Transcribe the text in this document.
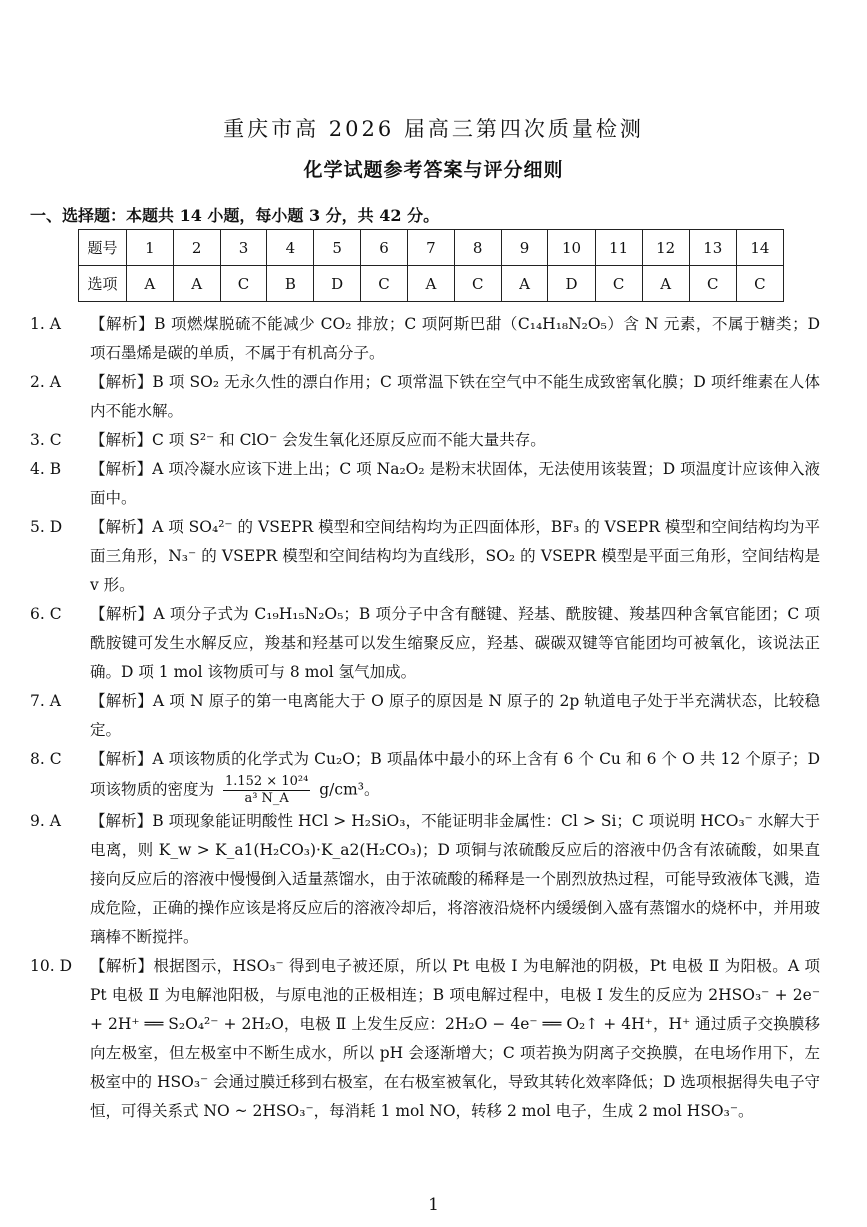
重庆市高 2026 届高三第四次质量检测
化学试题参考答案与评分细则
一、选择题：本题共 14 小题，每小题 3 分，共 42 分。
题号	1	2	3	4	5	6	7	8	9	10	11	12	13	14
选项	A	A	C	B	D	C	A	C	A	D	C	A	C	C
1. A	【解析】B 项燃煤脱硫不能减少 CO₂ 排放；C 项阿斯巴甜（C₁₄H₁₈N₂O₅）含 N 元素，不属于糖类；D 项石墨烯是碳的单质，不属于有机高分子。
2. A	【解析】B 项 SO₂ 无永久性的漂白作用；C 项常温下铁在空气中不能生成致密氧化膜；D 项纤维素在人体内不能水解。
3. C	【解析】C 项 S²⁻ 和 ClO⁻ 会发生氧化还原反应而不能大量共存。
4. B	【解析】A 项冷凝水应该下进上出；C 项 Na₂O₂ 是粉末状固体，无法使用该装置；D 项温度计应该伸入液面中。
5. D	【解析】A 项 SO₄²⁻ 的 VSEPR 模型和空间结构均为正四面体形，BF₃ 的 VSEPR 模型和空间结构均为平面三角形，N₃⁻ 的 VSEPR 模型和空间结构均为直线形，SO₂ 的 VSEPR 模型是平面三角形，空间结构是 v 形。
6. C	【解析】A 项分子式为 C₁₉H₁₅N₂O₅；B 项分子中含有醚键、羟基、酰胺键、羧基四种含氧官能团；C 项酰胺键可发生水解反应，羧基和羟基可以发生缩聚反应，羟基、碳碳双键等官能团均可被氧化，该说法正确。D 项 1 mol 该物质可与 8 mol 氢气加成。
7. A	【解析】A 项 N 原子的第一电离能大于 O 原子的原因是 N 原子的 2p 轨道电子处于半充满状态，比较稳定。
8. C	【解析】A 项该物质的化学式为 Cu₂O；B 项晶体中最小的环上含有 6 个 Cu 和 6 个 O 共 12 个原子；D 项该物质的密度为 $\frac{\text{1.152 × 10²⁴}}{\text{a³ N\_A}} g/cm^3$。
9. A	【解析】B 项现象能证明酸性 HCl > H₂SiO₃，不能证明非金属性：Cl > Si；C 项说明 HCO₃⁻ 水解大于电离，则 K_w > K_a1(H₂CO₃)·K_a2(H₂CO₃)；D 项铜与浓硫酸反应后的溶液中仍含有浓硫酸，如果直接向反应后的溶液中慢慢倒入适量蒸馏水，由于浓硫酸的稀释是一个剧烈放热过程，可能导致液体飞溅，造成危险，正确的操作应该是将反应后的溶液冷却后，将溶液沿烧杯内缓缓倒入盛有蒸馏水的烧杯中，并用玻璃棒不断搅拌。
10. D	【解析】根据图示，HSO₃⁻ 得到电子被还原，所以 Pt 电极 Ⅰ 为电解池的阴极，Pt 电极 Ⅱ 为阳极。A 项 Pt 电极 Ⅱ 为电解池阳极，与原电池的正极相连；B 项电解过程中，电极 Ⅰ 发生的反应为 2HSO₃⁻ + 2e⁻ + 2H⁺ ══ S₂O₄²⁻ + 2H₂O，电极 Ⅱ 上发生反应：2H₂O − 4e⁻ ══ O₂↑ + 4H⁺，H⁺ 通过质子交换膜移向左极室，但左极室中不断生成水，所以 pH 会逐渐增大；C 项若换为阴离子交换膜，在电场作用下，左极室中的 HSO₃⁻ 会通过膜迁移到右极室，在右极室被氧化，导致其转化效率降低；D 选项根据得失电子守恒，可得关系式 NO ~ 2HSO₃⁻，每消耗 1 mol NO，转移 2 mol 电子，生成 2 mol HSO₃⁻。
1
